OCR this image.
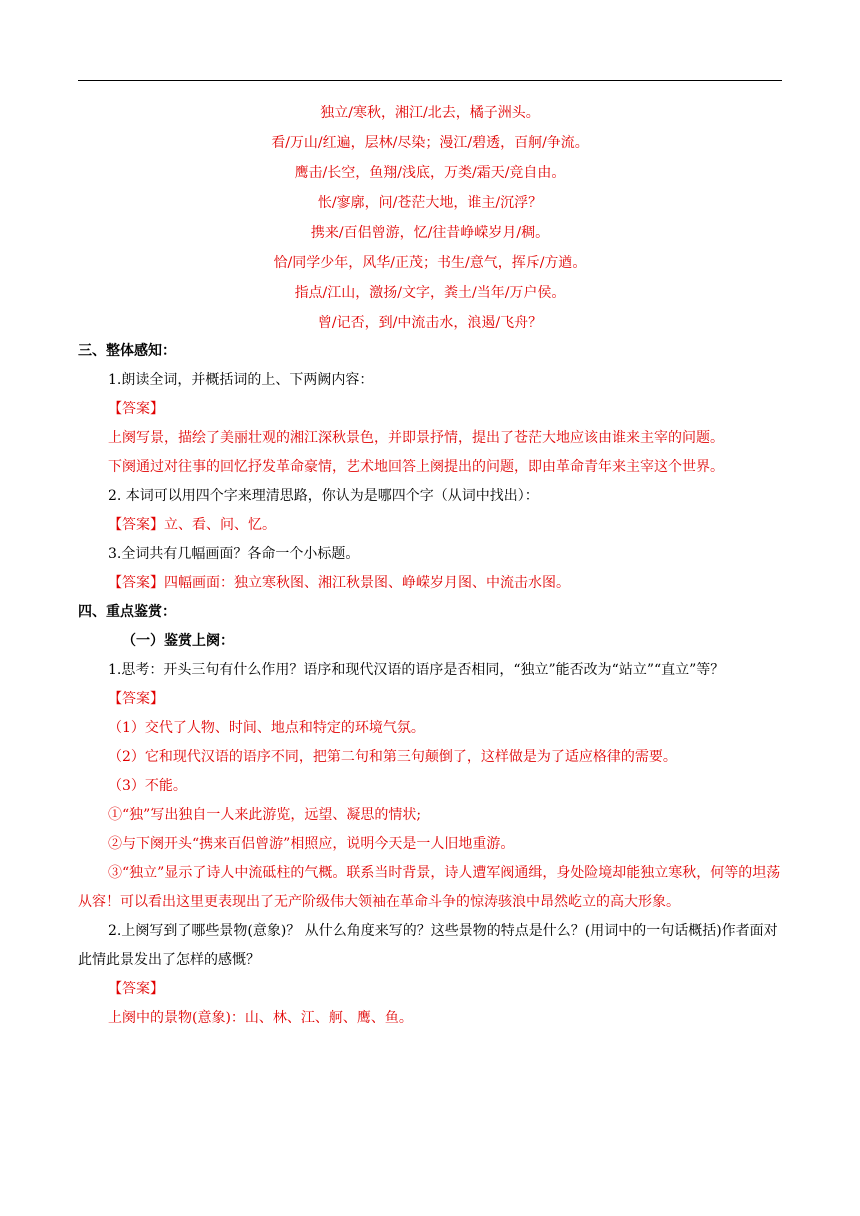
独立/寒秋，湘江/北去，橘子洲头。
看/万山/红遍，层林/尽染；漫江/碧透，百舸/争流。
鹰击/长空，鱼翔/浅底，万类/霜天/竞自由。
怅/寥廓，问/苍茫大地，谁主/沉浮？
携来/百侣曾游，忆/往昔峥嵘岁月/稠。
恰/同学少年，风华/正茂；书生/意气，挥斥/方遒。
指点/江山，激扬/文字，粪土/当年/万户侯。
曾/记否，到/中流击水，浪遏/飞舟？
三、整体感知：
1.朗读全词，并概括词的上、下两阙内容：
【答案】
上阕写景，描绘了美丽壮观的湘江深秋景色，并即景抒情，提出了苍茫大地应该由谁来主宰的问题。
下阕通过对往事的回忆抒发革命豪情，艺术地回答上阕提出的问题，即由革命青年来主宰这个世界。
2. 本词可以用四个字来理清思路，你认为是哪四个字（从词中找出）：
【答案】立、看、问、忆。
3.全词共有几幅画面？各命一个小标题。
【答案】四幅画面：独立寒秋图、湘江秋景图、峥嵘岁月图、中流击水图。
四、重点鉴赏：
（一）鉴赏上阕：
1.思考：开头三句有什么作用？语序和现代汉语的语序是否相同，“独立”能否改为“站立”“直立”等？
【答案】
（1）交代了人物、时间、地点和特定的环境气氛。
（2）它和现代汉语的语序不同，把第二句和第三句颠倒了，这样做是为了适应格律的需要。
（3）不能。
①“独”写出独自一人来此游览，远望、凝思的情状;
②与下阕开头“携来百侣曾游”相照应，说明今天是一人旧地重游。
③“独立”显示了诗人中流砥柱的气概。联系当时背景，诗人遭军阀通缉，身处险境却能独立寒秋，何等的坦荡从容！可以看出这里更表现出了无产阶级伟大领袖在革命斗争的惊涛骇浪中昂然屹立的高大形象。
2.上阕写到了哪些景物(意象)？ 从什么角度来写的？这些景物的特点是什么？(用词中的一句话概括)作者面对此情此景发出了怎样的感慨？
【答案】
上阕中的景物(意象)：山、林、江、舸、鹰、鱼。
